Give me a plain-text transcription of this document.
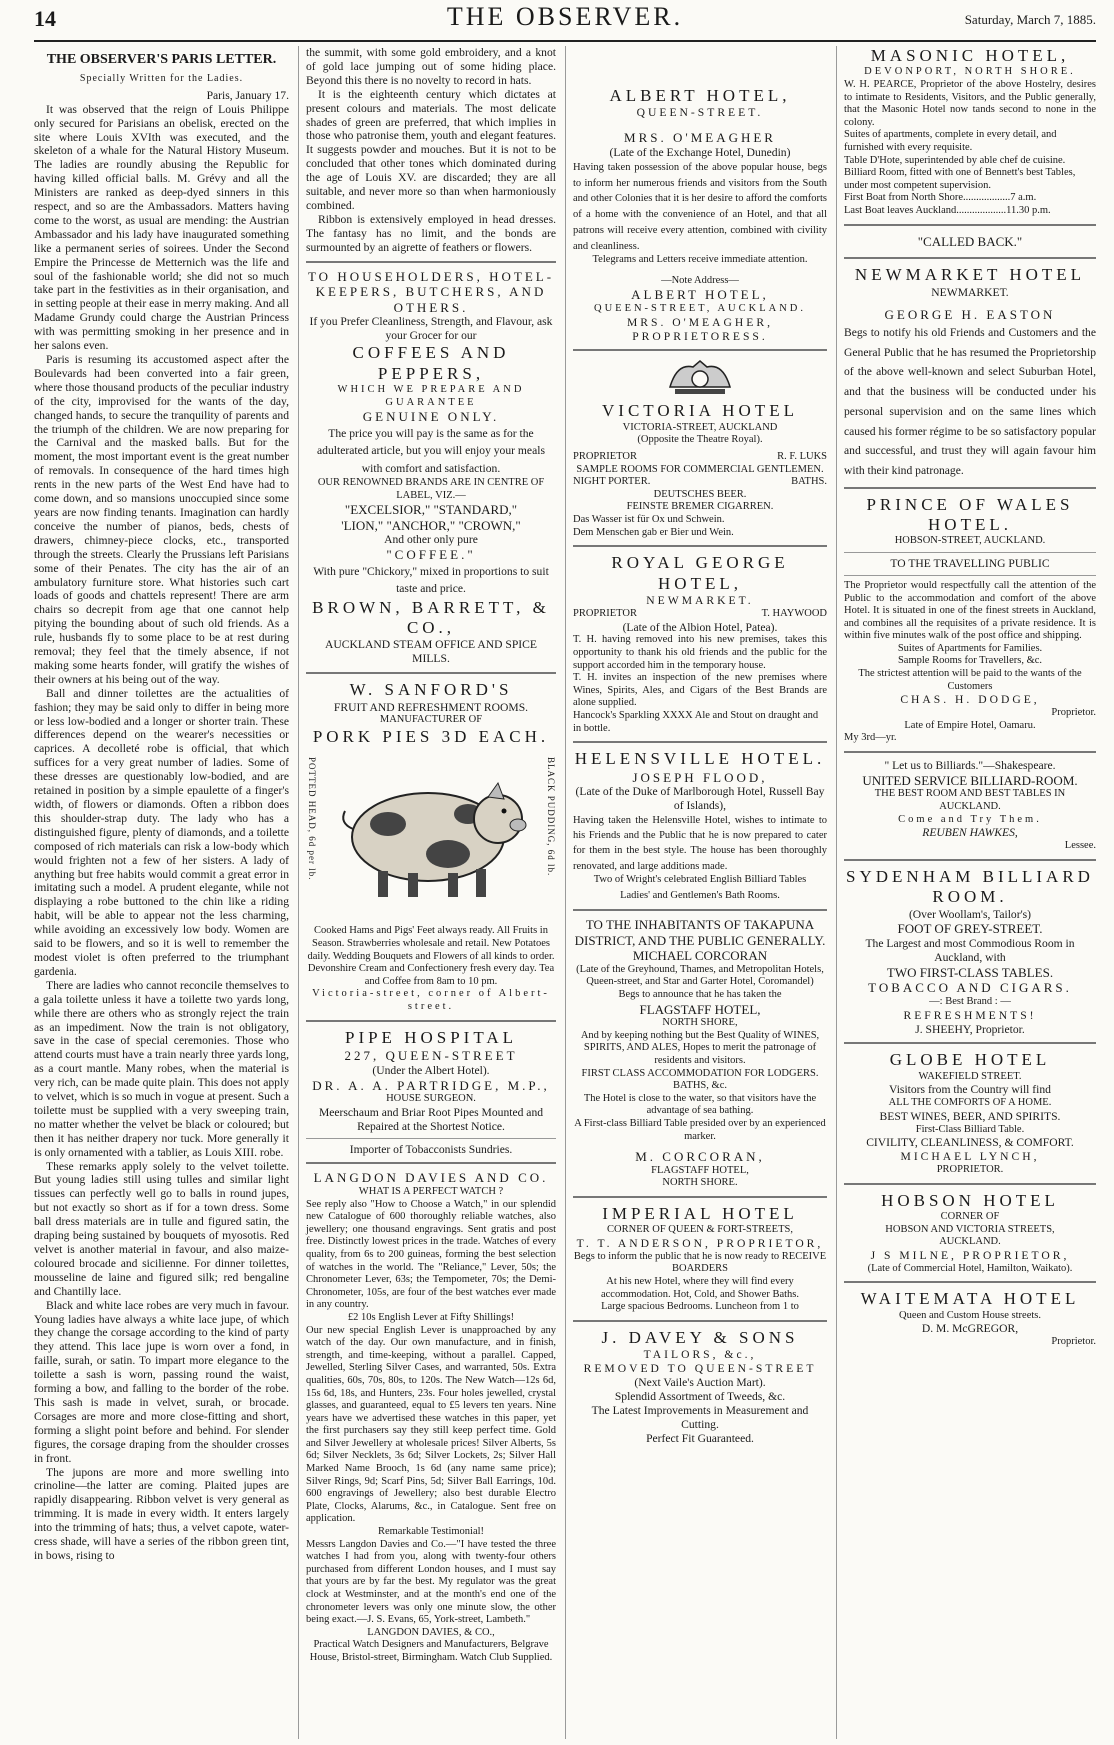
14	THE OBSERVER.	Saturday, March 7, 1885.
THE OBSERVER'S PARIS LETTER.
Specially Written for the Ladies.
Paris, January 17.

It was observed that the reign of Louis Philippe only secured for Parisians an obelisk, erected on the site where Louis XVIth was executed, and the skeleton of a whale for the Natural History Museum. The ladies are roundly abusing the Republic for having killed official balls. M. Grévy and all the Ministers are ranked as deep-dyed sinners in this respect, and so are the Ambassadors. Matters having come to the worst, as usual are mending: the Austrian Ambassador and his lady have inaugurated something like a permanent series of soirees. Under the Second Empire the Princesse de Metternich was the life and soul of the fashionable world; she did not so much take part in the festivities as in their organisation, and in setting people at their ease in merry making. And all Madame Grundy could charge the Austrian Princess with was permitting smoking in her presence and in her salons even.

Paris is resuming its accustomed aspect after the Boulevards had been converted into a fair green, where those thousand products of the peculiar industry of the city, improvised for the wants of the day, changed hands, to secure the tranquility of parents and the triumph of the children. We are now preparing for the Carnival and the masked balls. But for the moment, the most important event is the great number of removals. In consequence of the hard times high rents in the new parts of the West End have had to come down, and so mansions unoccupied since some years are now finding tenants. Imagination can hardly conceive the number of pianos, beds, chests of drawers, chimney-piece clocks, etc., transported through the streets. Clearly the Prussians left Parisians some of their Penates. The city has the air of an ambulatory furniture store. What histories such cart loads of goods and chattels represent! There are arm chairs so decrepit from age that one cannot help pitying the bounding about of such old friends. As a rule, husbands fly to some place to be at rest during removal; they feel that the timely absence, if not making some hearts fonder, will gratify the wishes of their owners at his being out of the way.

Ball and dinner toilettes are the actualities of fashion; they may be said only to differ in being more or less low-bodied and a longer or shorter train. These differences depend on the wearer's necessities or caprices. A decolleté robe is official, that which suffices for a very great number of ladies. Some of these dresses are questionably low-bodied, and are retained in position by a simple epaulette of a finger's width, of flowers or diamonds. Often a ribbon does this shoulder-strap duty. The lady who has a distinguished figure, plenty of diamonds, and a toilette composed of rich materials can risk a low-body which would frighten not a few of her sisters. A lady of anything but free habits would commit a great error in imitating such a model. A prudent elegante, while not displaying a robe buttoned to the chin like a riding habit, will be able to appear not the less charming, while avoiding an excessively low body. Women are said to be flowers, and so it is well to remember the modest violet is often preferred to the triumphant gardenia.

There are ladies who cannot reconcile themselves to a gala toilette unless it have a toilette two yards long, while there are others who as strongly reject the train as an impediment. Now the train is not obligatory, save in the case of special ceremonies. Those who attend courts must have a train nearly three yards long, as a court mantle. Many robes, when the material is very rich, can be made quite plain. This does not apply to velvet, which is so much in vogue at present. Such a toilette must be supplied with a very sweeping train, no matter whether the velvet be black or coloured; but then it has neither drapery nor tuck. More generally it is only ornamented with a tablier, as Louis XIII. robe.

These remarks apply solely to the velvet toilette. But young ladies still using tulles and similar light tissues can perfectly well go to balls in round jupes, but not exactly so short as if for a town dress. Some ball dress materials are in tulle and figured satin, the draping being sustained by bouquets of myosotis. Red velvet is another material in favour, and also maize-coloured brocade and sicilienne. For dinner toilettes, mousseline de laine and figured silk; red bengaline and Chantilly lace.

Black and white lace robes are very much in favour. Young ladies have always a white lace jupe, of which they change the corsage according to the kind of party they attend. This lace jupe is worn over a fond, in faille, surah, or satin. To impart more elegance to the toilette a sash is worn, passing round the waist, forming a bow, and falling to the border of the robe. This sash is made in velvet, surah, or brocade. Corsages are more and more close-fitting and short, forming a slight point before and behind. For slender figures, the corsage draping from the shoulder crosses in front.

The jupons are more and more swelling into crinoline—the latter are coming. Plaited jupes are rapidly disappearing. Ribbon velvet is very general as trimming. It is made in every width. It enters largely into the trimming of hats; thus, a velvet capote, water-cress shade, will have a series of the ribbon green tint, in bows, rising to

the summit, with some gold embroidery, and a knot of gold lace jumping out of some hiding place. Beyond this there is no novelty to record in hats.

It is the eighteenth century which dictates at present colours and materials. The most delicate shades of green are preferred, that which implies in those who patronise them, youth and elegant features. It suggests powder and mouches. But it is not to be concluded that other tones which dominated during the age of Louis XV. are discarded; they are all suitable, and never more so than when harmoniously combined.

Ribbon is extensively employed in head dresses. The fantasy has no limit, and the bonds are surmounted by an aigrette of feathers or flowers.

TO HOUSEHOLDERS, HOTEL-
KEEPERS, BUTCHERS, AND OTHERS.
If you Prefer Cleanliness, Strength, and Flavour, ask your Grocer for our
COFFEES AND PEPPERS,
WHICH WE PREPARE AND GUARANTEE
GENUINE ONLY.
The price you will pay is the same as for the adulterated article, but you will enjoy your meals with comfort and satisfaction.
OUR RENOWNED BRANDS ARE IN CENTRE OF LABEL, VIZ.—
"EXCELSIOR," "STANDARD,"
'LION," "ANCHOR," "CROWN,"
And other only pure
"COFFEE."
With pure "Chickory," mixed in proportions to suit taste and price.
BROWN, BARRETT, & CO.,
AUCKLAND STEAM OFFICE AND SPICE MILLS.
W. SANFORD'S
FRUIT AND REFRESHMENT ROOMS.
MANUFACTURER OF
PORK PIES 3D EACH.
POTTED HEAD, 6d per lb.	BLACK PUDDING, 6d lb.
Cooked Hams and Pigs' Feet always ready. All Fruits in Season. Strawberries wholesale and retail. New Potatoes daily. Wedding Bouquets and Flowers of all kinds to order. Devonshire Cream and Confectionery fresh every day. Tea and Coffee from 8am to 10 pm.
Victoria-street, corner of Albert-street.
PIPE HOSPITAL
227, QUEEN-STREET
(Under the Albert Hotel).
DR. A. A. PARTRIDGE, M.P.,
HOUSE SURGEON.
Meerschaum and Briar Root Pipes Mounted and Repaired at the Shortest Notice.
Importer of Tobacconists Sundries.
LANGDON DAVIES AND CO.
WHAT IS A PERFECT WATCH ?

See reply also "How to Choose a Watch," in our splendid new Catalogue of 600 thoroughly reliable watches, also jewellery; one thousand engravings. Sent gratis and post free. Distinctly lowest prices in the trade. Watches of every quality, from 6s to 200 guineas, forming the best selection of watches in the world. The "Reliance," Lever, 50s; the Chronometer Lever, 63s; the Tempometer, 70s; the Demi-Chronometer, 105s, are four of the best watches ever made in any country.

£2 10s English Lever at Fifty Shillings!

Our new special English Lever is unapproached by any watch of the day. Our own manufacture, and in finish, strength, and time-keeping, without a parallel. Capped, Jewelled, Sterling Silver Cases, and warranted, 50s. Extra qualities, 60s, 70s, 80s, to 120s. The New Watch—12s 6d, 15s 6d, 18s, and Hunters, 23s. Four holes jewelled, crystal glasses, and guaranteed, equal to £5 levers ten years. Nine years have we advertised these watches in this paper, yet the first purchasers say they still keep perfect time. Gold and Silver Jewellery at wholesale prices! Silver Alberts, 5s 6d; Silver Necklets, 3s 6d; Silver Lockets, 2s; Silver Hall Marked Name Brooch, 1s 6d (any name same price); Silver Rings, 9d; Scarf Pins, 5d; Silver Ball Earrings, 10d. 600 engravings of Jewellery; also best durable Electro Plate, Clocks, Alarums, &c., in Catalogue. Sent free on application.

Remarkable Testimonial!

Messrs Langdon Davies and Co.—"I have tested the three watches I had from you, along with twenty-four others purchased from different London houses, and I must say that yours are by far the best. My regulator was the great clock at Westminster, and at the month's end one of the chronometer levers was only one minute slow, the other being exact.—J. S. Evans, 65, York-street, Lambeth."

LANGDON DAVIES, & CO.,
Practical Watch Designers and Manufacturers, Belgrave House, Bristol-street, Birmingham. Watch Club Supplied.
ALBERT HOTEL,
QUEEN-STREET.
MRS. O'MEAGHER
(Late of the Exchange Hotel, Dunedin)

Having taken possession of the above popular house, begs to inform her numerous friends and visitors from the South and other Colonies that it is her desire to afford the comforts of a home with the convenience of an Hotel, and that all patrons will receive every attention, combined with civility and cleanliness.

Telegrams and Letters receive immediate attention.
—Note Address—
ALBERT HOTEL,
QUEEN-STREET, AUCKLAND.
MRS. O'MEAGHER, PROPRIETORESS.
VICTORIA HOTEL
VICTORIA-STREET, AUCKLAND
(Opposite the Theatre Royal).
PROPRIETOR	R. F. LUKS
SAMPLE ROOMS FOR COMMERCIAL GENTLEMEN.
NIGHT PORTER.	BATHS.
DEUTSCHES BEER.
FEINSTE BREMER CIGARREN.
Das Wasser ist für Ox und Schwein.
Dem Menschen gab er Bier und Wein.
ROYAL GEORGE HOTEL,
NEWMARKET.
PROPRIETOR	T. HAYWOOD
(Late of the Albion Hotel, Patea).

T. H. having removed into his new premises, takes this opportunity to thank his old friends and the public for the support accorded him in the temporary house.

T. H. invites an inspection of the new premises where Wines, Spirits, Ales, and Cigars of the Best Brands are alone supplied.

Hancock's Sparkling XXXX Ale and Stout on draught and in bottle.

HELENSVILLE HOTEL.
JOSEPH FLOOD,
(Late of the Duke of Marlborough Hotel, Russell Bay of Islands),

Having taken the Helensville Hotel, wishes to intimate to his Friends and the Public that he is now prepared to cater for them in the best style. The house has been thoroughly renovated, and large additions made.

Two of Wright's celebrated English Billiard Tables
Ladies' and Gentlemen's Bath Rooms.
TO THE INHABITANTS OF TAKAPUNA DISTRICT, AND THE PUBLIC GENERALLY.
MICHAEL CORCORAN
(Late of the Greyhound, Thames, and Metropolitan Hotels, Queen-street, and Star and Garter Hotel, Coromandel)
Begs to announce that he has taken the
FLAGSTAFF HOTEL,
NORTH SHORE,
And by keeping nothing but the Best Quality of WINES, SPIRITS, AND ALES, Hopes to merit the patronage of residents and visitors.
FIRST CLASS ACCOMMODATION FOR LODGERS. BATHS, &c.
The Hotel is close to the water, so that visitors have the advantage of sea bathing.
A First-class Billiard Table presided over by an experienced marker.
M. CORCORAN,
FLAGSTAFF HOTEL,
NORTH SHORE.
IMPERIAL HOTEL
CORNER OF QUEEN & FORT-STREETS,
T. T. ANDERSON, PROPRIETOR,
Begs to inform the public that he is now ready to RECEIVE BOARDERS
At his new Hotel, where they will find every accommodation. Hot, Cold, and Shower Baths.
Large spacious Bedrooms. Luncheon from 1 to
J. DAVEY & SONS
TAILORS, &c.,
REMOVED TO QUEEN-STREET
(Next Vaile's Auction Mart).
Splendid Assortment of Tweeds, &c.
The Latest Improvements in Measurement and Cutting.
Perfect Fit Guaranteed.
MASONIC HOTEL,
DEVONPORT, NORTH SHORE.

W. H. PEARCE, Proprietor of the above Hostelry, desires to intimate to Residents, Visitors, and the Public generally, that the Masonic Hotel now tands second to none in the colony.

Suites of apartments, complete in every detail, and furnished with every requisite.

Table D'Hote, superintended by able chef de cuisine. Billiard Room, fitted with one of Bennett's best Tables, under most competent supervision.

First Boat from North Shore..................7 a.m.
Last Boat leaves Auckland...................11.30 p.m.
"CALLED BACK."
NEWMARKET HOTEL
NEWMARKET.
GEORGE H. EASTON

Begs to notify his old Friends and Customers and the General Public that he has resumed the Proprietorship of the above well-known and select Suburban Hotel, and that the business will be conducted under his personal supervision and on the same lines which caused his former régime to be so satisfactory popular and successful, and trust they will again favour him with their kind patronage.

PRINCE OF WALES HOTEL.
HOBSON-STREET, AUCKLAND.
TO THE TRAVELLING PUBLIC

The Proprietor would respectfully call the attention of the Public to the accommodation and comfort of the above Hotel. It is situated in one of the finest streets in Auckland, and combines all the requisites of a private residence. It is within five minutes walk of the post office and shipping.

Suites of Apartments for Families.
Sample Rooms for Travellers, &c.
The strictest attention will be paid to the wants of the Customers
CHAS. H. DODGE,
Proprietor.
Late of Empire Hotel, Oamaru.
My 3rd—yr.
" Let us to Billiards."—Shakespeare.
UNITED SERVICE BILLIARD-ROOM.
THE BEST ROOM AND BEST TABLES IN AUCKLAND.
Come and Try Them.
REUBEN HAWKES,
Lessee.
SYDENHAM BILLIARD ROOM.
(Over Woollam's, Tailor's)
FOOT OF GREY-STREET.
The Largest and most Commodious Room in Auckland, with
TWO FIRST-CLASS TABLES.
TOBACCO AND CIGARS.
—: Best Brand : —
REFRESHMENTS!
J. SHEEHY, Proprietor.
GLOBE HOTEL
WAKEFIELD STREET.
Visitors from the Country will find
ALL THE COMFORTS OF A HOME.
BEST WINES, BEER, AND SPIRITS.
First-Class Billiard Table.
CIVILITY, CLEANLINESS, & COMFORT.
MICHAEL LYNCH,
PROPRIETOR.
HOBSON HOTEL
CORNER OF
HOBSON AND VICTORIA STREETS,
AUCKLAND.
J S MILNE, PROPRIETOR,
(Late of Commercial Hotel, Hamilton, Waikato).
WAITEMATA HOTEL
Queen and Custom House streets.
D. M. McGREGOR,
Proprietor.
